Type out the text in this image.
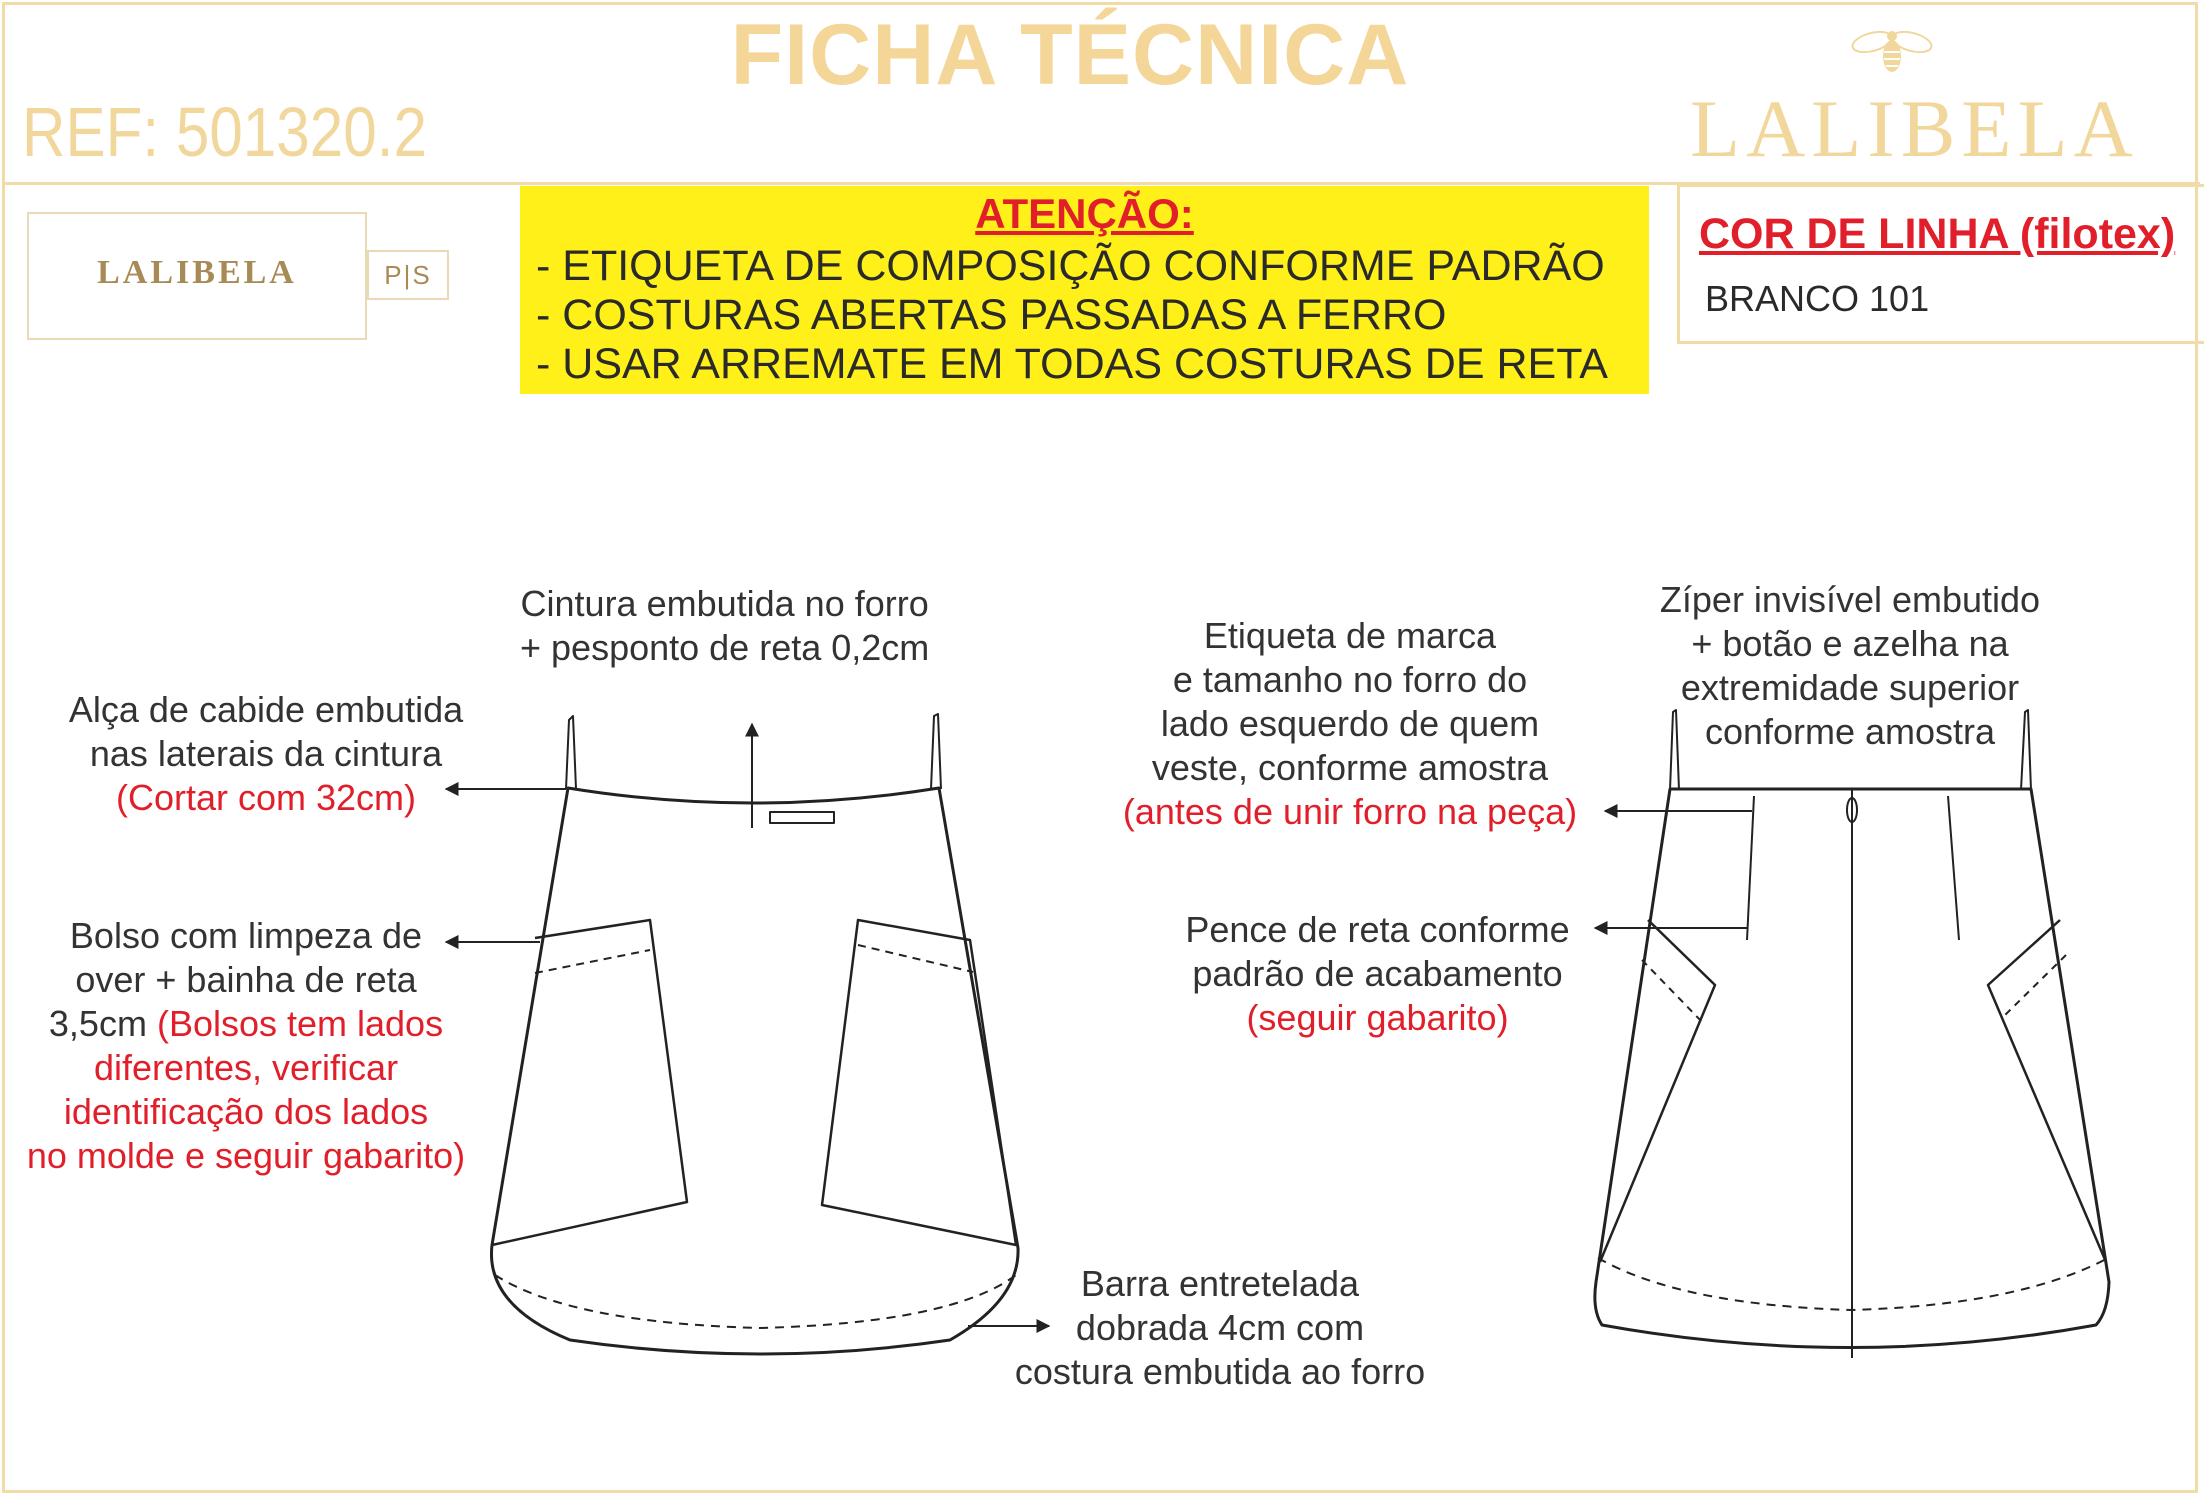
FICHA TÉCNICA
REF: 501320.2	LALIBELA
LALIBELA	P|S
ATENÇÃO:
- ETIQUETA DE COMPOSIÇÃO CONFORME PADRÃO
- COSTURAS ABERTAS PASSADAS A FERRO
- USAR ARREMATE EM TODAS COSTURAS DE RETA
COR DE LINHA (filotex)
BRANCO 101
Cintura embutida no forro
+ pesponto de reta 0,2cm
Alça de cabide embutida
nas laterais da cintura
(Cortar com 32cm)
Bolso com limpeza de
over + bainha de reta
3,5cm (Bolsos tem lados
diferentes, verificar
identificação dos lados
no molde e seguir gabarito)
Barra entretelada
dobrada 4cm com
costura embutida ao forro
Etiqueta de marca
e tamanho no forro do
lado esquerdo de quem
veste, conforme amostra
(antes de unir forro na peça)
Zíper invisível embutido
+ botão e azelha na
extremidade superior
conforme amostra
Pence de reta conforme
padrão de acabamento
(seguir gabarito)
